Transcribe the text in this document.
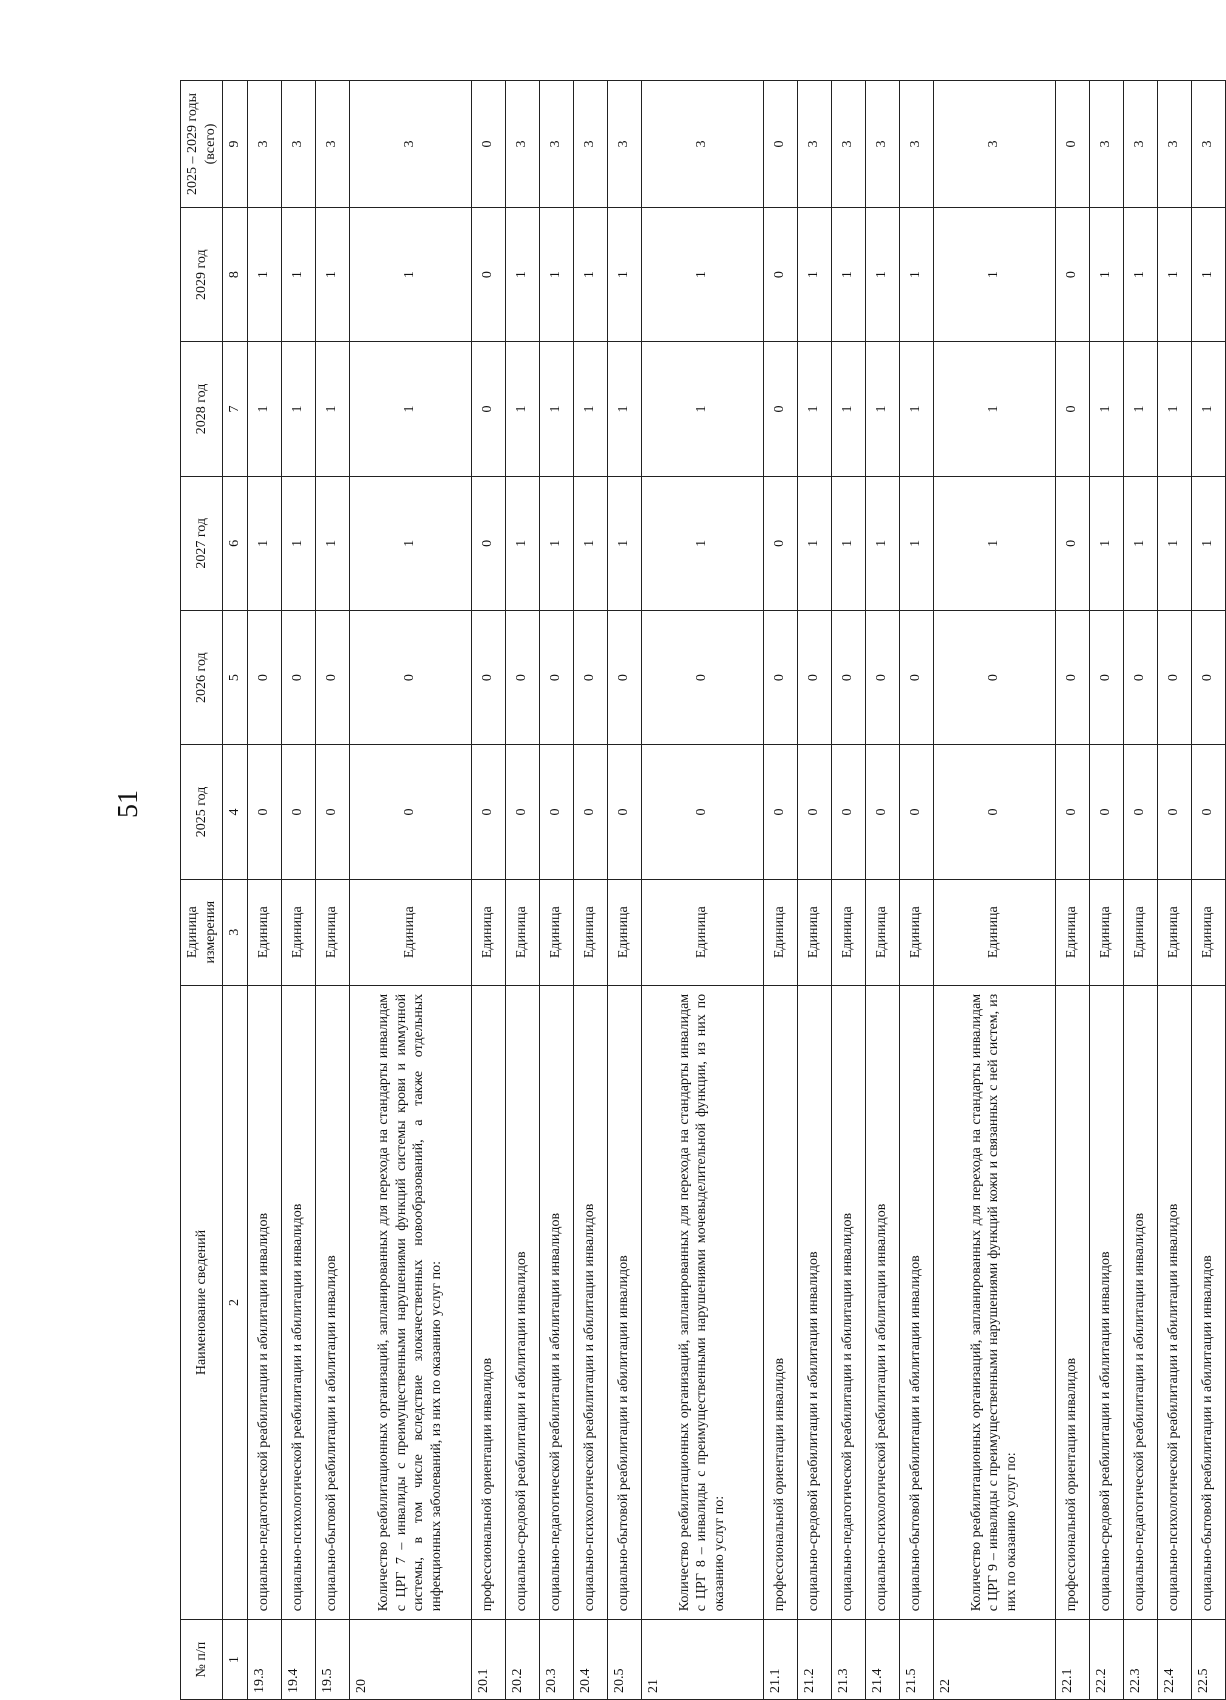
51
№ п/п	Наименование сведений	Единица измерения	2025 год	2026 год	2027 год	2028 год	2029 год	2025 – 2029 годы (всего)
1	2	3	4	5	6	7	8	9
19.3	социально-педагогической реабилитации и абилитации инвалидов	Единица	0	0	1	1	1	3
19.4	социально-психологической реабилитации и абилитации инвалидов	Единица	0	0	1	1	1	3
19.5	социально-бытовой реабилитации и абилитации инвалидов	Единица	0	0	1	1	1	3
20	Количество реабилитационных организаций, запланированных для перехода на стандарты инвалидам с ЦРГ 7 – инвалиды с преимущественными нарушениями функций системы крови и иммунной системы, в том числе вследствие злокачественных новообразований, а также отдельных инфекционных заболеваний, из них по оказанию услуг по:	Единица	0	0	1	1	1	3
20.1	профессиональной ориентации инвалидов	Единица	0	0	0	0	0	0
20.2	социально-средовой реабилитации и абилитации инвалидов	Единица	0	0	1	1	1	3
20.3	социально-педагогической реабилитации и абилитации инвалидов	Единица	0	0	1	1	1	3
20.4	социально-психологической реабилитации и абилитации инвалидов	Единица	0	0	1	1	1	3
20.5	социально-бытовой реабилитации и абилитации инвалидов	Единица	0	0	1	1	1	3
21	Количество реабилитационных организаций, запланированных для перехода на стандарты инвалидам с ЦРГ 8 – инвалиды с преимущественными нарушениями мочевыделительной функции, из них по оказанию услуг по:	Единица	0	0	1	1	1	3
21.1	профессиональной ориентации инвалидов	Единица	0	0	0	0	0	0
21.2	социально-средовой реабилитации и абилитации инвалидов	Единица	0	0	1	1	1	3
21.3	социально-педагогической реабилитации и абилитации инвалидов	Единица	0	0	1	1	1	3
21.4	социально-психологической реабилитации и абилитации инвалидов	Единица	0	0	1	1	1	3
21.5	социально-бытовой реабилитации и абилитации инвалидов	Единица	0	0	1	1	1	3
22	Количество реабилитационных организаций, запланированных для перехода на стандарты инвалидам с ЦРГ 9 – инвалиды с преимущественными нарушениями функций кожи и связанных с ней систем, из них по оказанию услуг по:	Единица	0	0	1	1	1	3
22.1	профессиональной ориентации инвалидов	Единица	0	0	0	0	0	0
22.2	социально-средовой реабилитации и абилитации инвалидов	Единица	0	0	1	1	1	3
22.3	социально-педагогической реабилитации и абилитации инвалидов	Единица	0	0	1	1	1	3
22.4	социально-психологической реабилитации и абилитации инвалидов	Единица	0	0	1	1	1	3
22.5	социально-бытовой реабилитации и абилитации инвалидов	Единица	0	0	1	1	1	3
